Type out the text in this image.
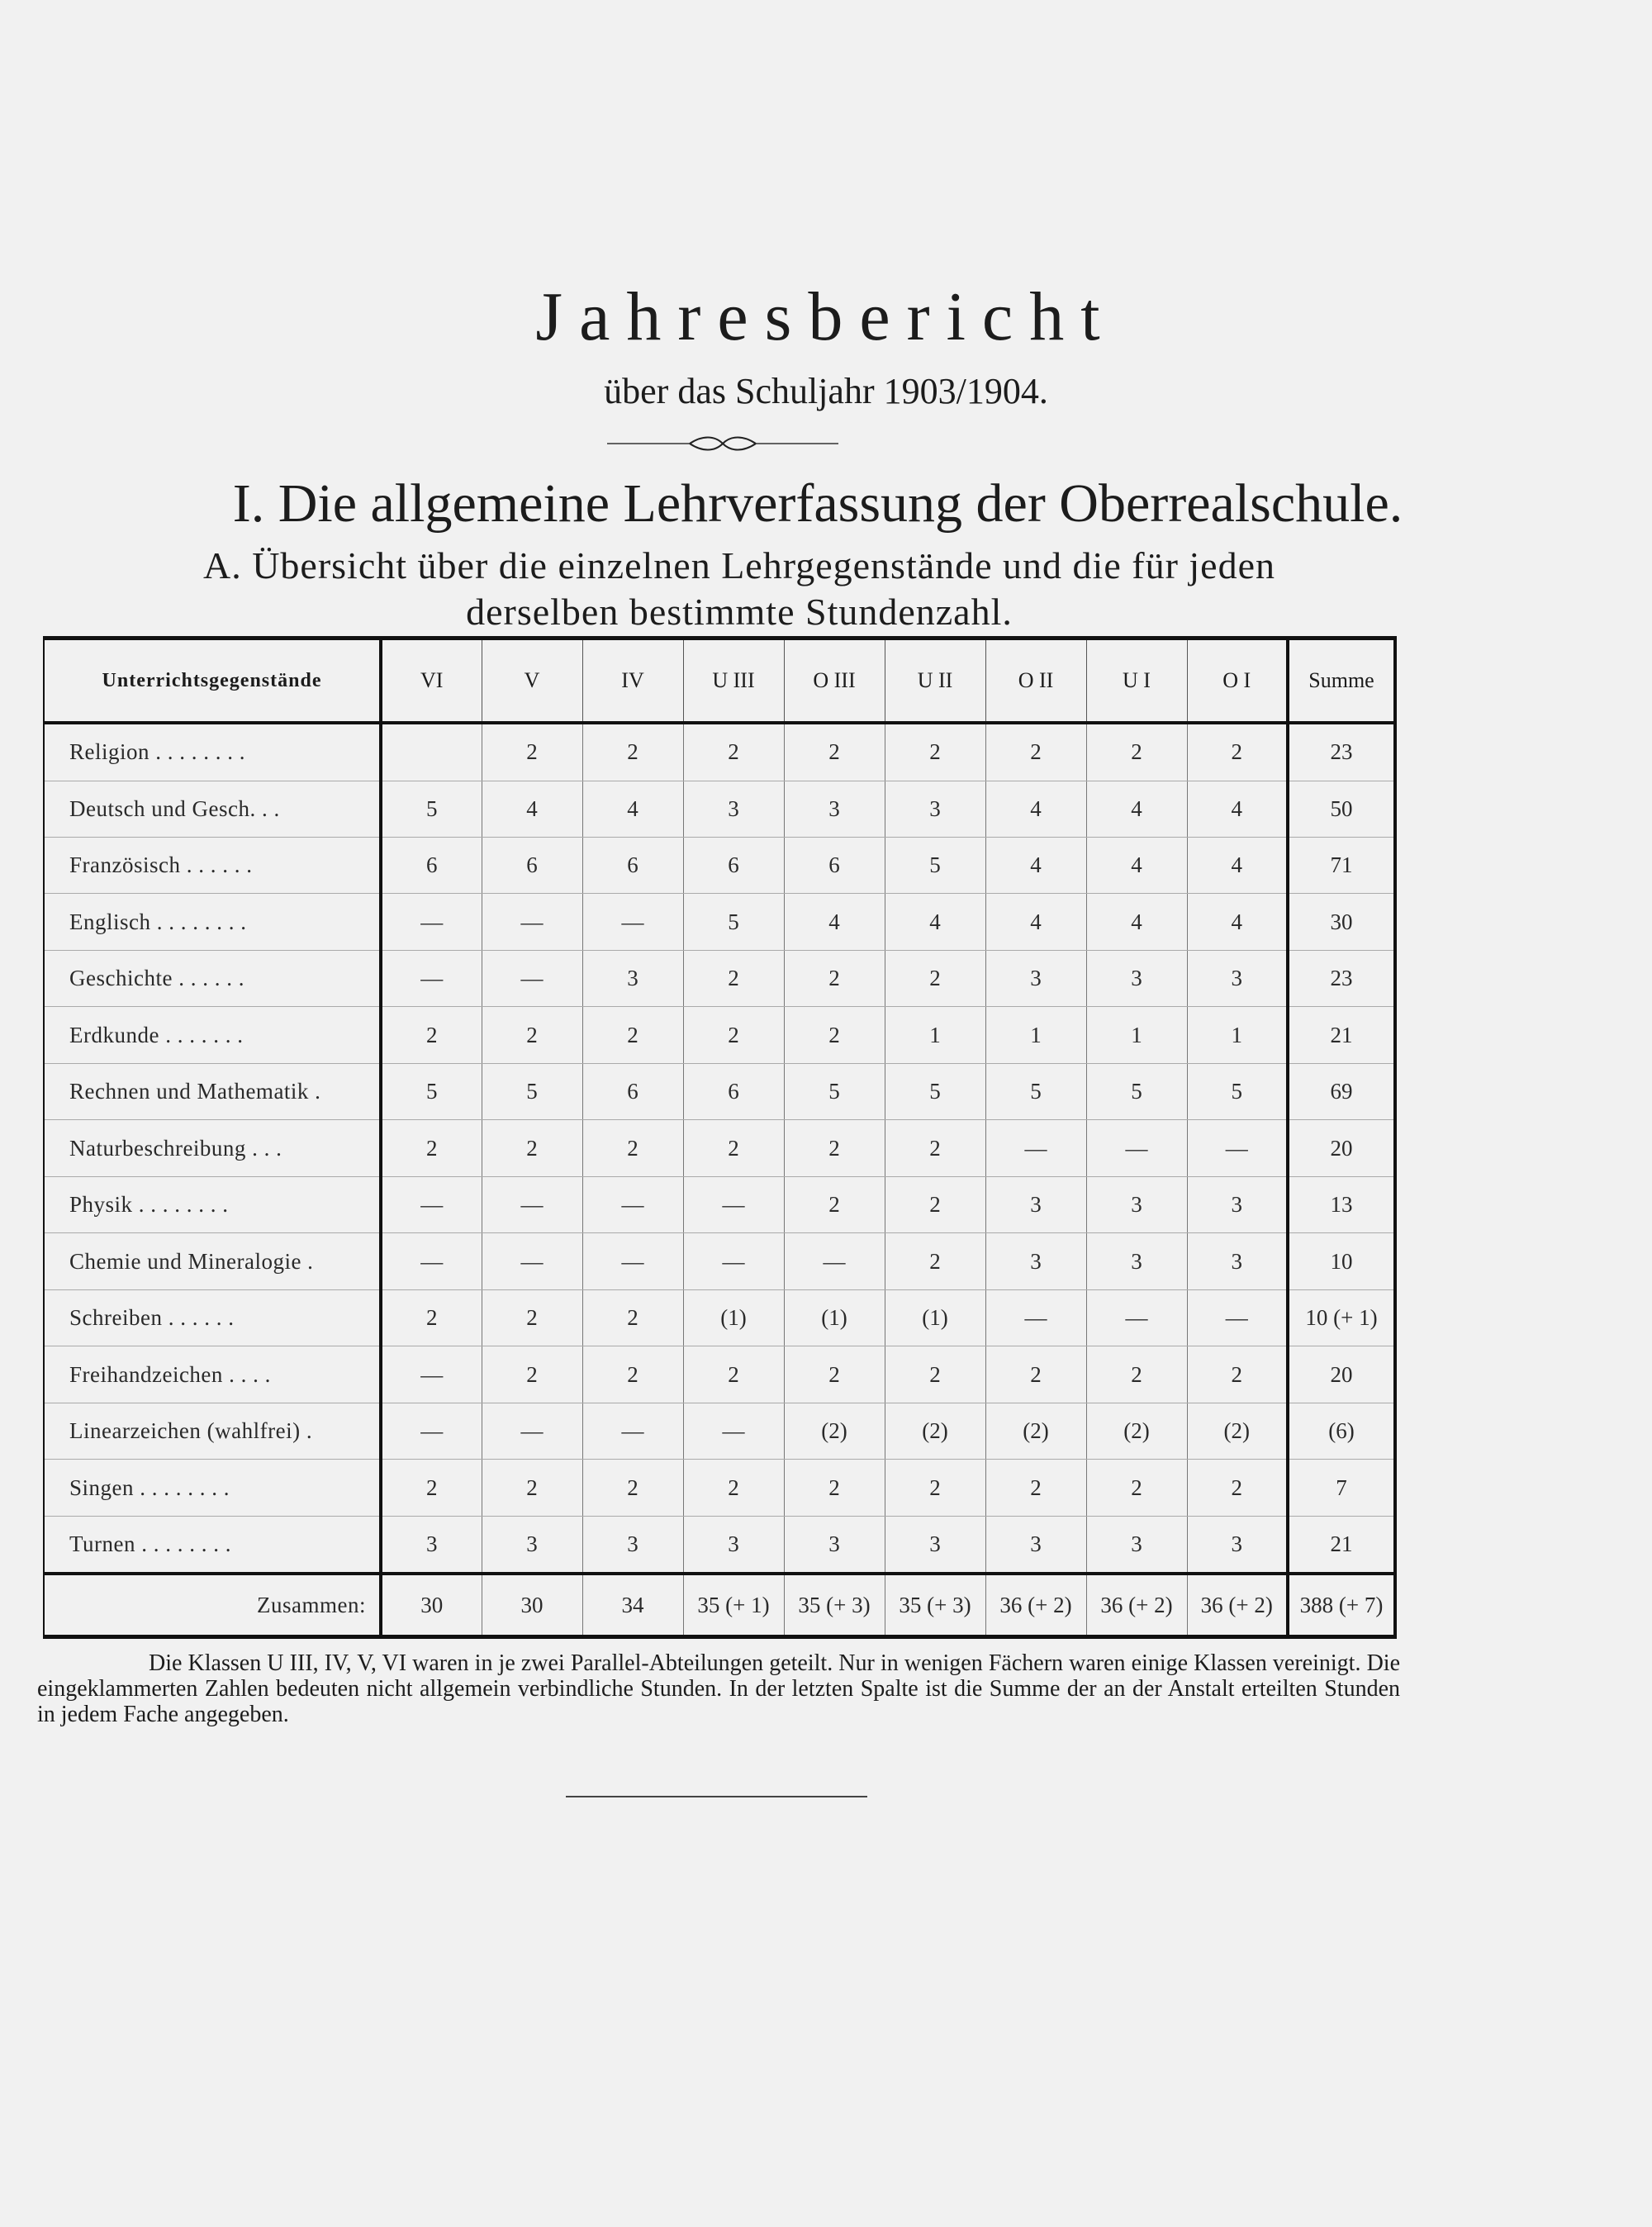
Jahresbericht
über das Schuljahr 1903/1904.
I. Die allgemeine Lehrverfassung der Oberrealschule.
A. Übersicht über die einzelnen Lehrgegenstände und die für jeden derselben bestimmte Stundenzahl.
Unterrichtsgegenstände	VI	V	IV	U III	O III	U II	O II	U I	O I	Summe
Religion . . . . . . . .		2	2	2	2	2	2	2	2	23
Deutsch und Gesch. . .	5	4	4	3	3	3	4	4	4	50
Französisch . . . . . .	6	6	6	6	6	5	4	4	4	71
Englisch . . . . . . . .	—	—	—	5	4	4	4	4	4	30
Geschichte . . . . . .	—	—	3	2	2	2	3	3	3	23
Erdkunde . . . . . . .	2	2	2	2	2	1	1	1	1	21
Rechnen und Mathematik .	5	5	6	6	5	5	5	5	5	69
Naturbeschreibung . . .	2	2	2	2	2	2	—	—	—	20
Physik . . . . . . . .	—	—	—	—	2	2	3	3	3	13
Chemie und Mineralogie .	—	—	—	—	—	2	3	3	3	10
Schreiben . . . . . .	2	2	2	(1)	(1)	(1)	—	—	—	10 (+ 1)
Freihandzeichen . . . .	—	2	2	2	2	2	2	2	2	20
Linearzeichen (wahlfrei) .	—	—	—	—	(2)	(2)	(2)	(2)	(2)	(6)
Singen . . . . . . . .	2	2	2	2	2	2	2	2	2	7
Turnen . . . . . . . .	3	3	3	3	3	3	3	3	3	21
Zusammen:	30	30	34	35 (+ 1)	35 (+ 3)	35 (+ 3)	36 (+ 2)	36 (+ 2)	36 (+ 2)	388 (+ 7)
Die Klassen U III, IV, V, VI waren in je zwei Parallel-Abteilungen geteilt. Nur in wenigen Fächern waren einige Klassen vereinigt. Die eingeklammerten Zahlen bedeuten nicht allgemein verbindliche Stunden. In der letzten Spalte ist die Summe der an der Anstalt erteilten Stunden in jedem Fache angegeben.
